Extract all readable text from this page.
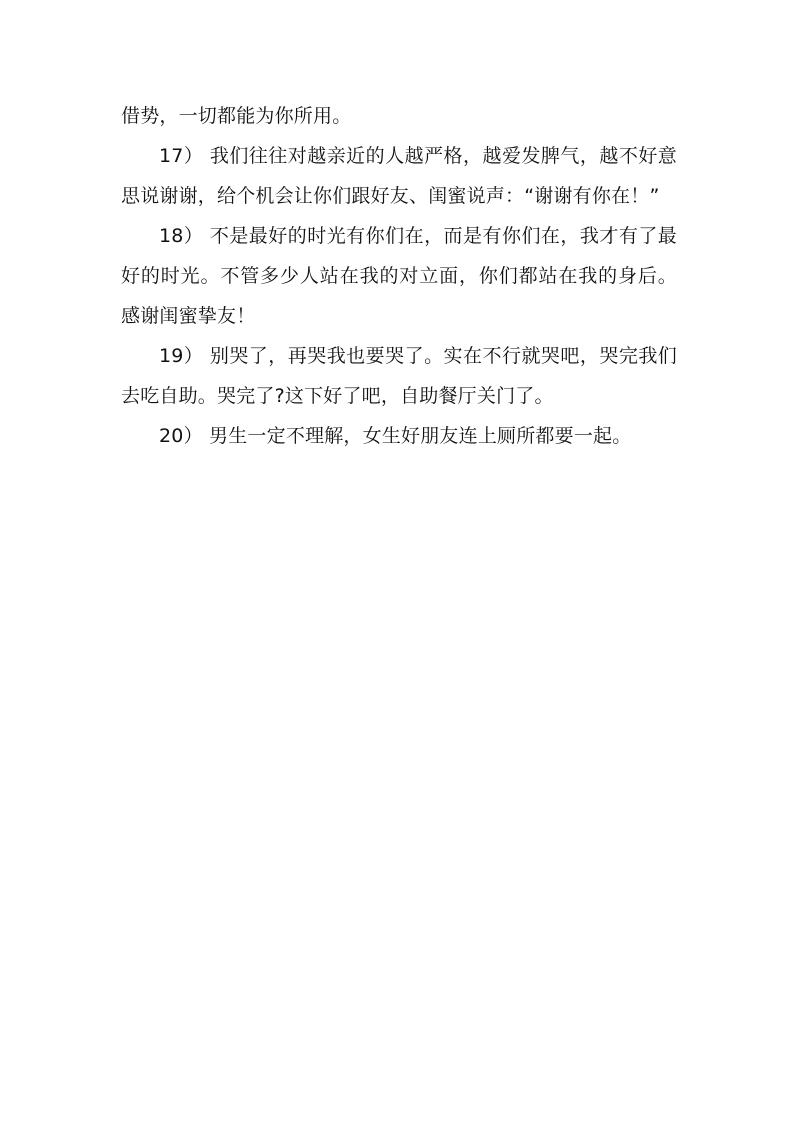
借势，一切都能为你所用。

17） 我们往往对越亲近的人越严格，越爱发脾气，越不好意思说谢谢，给个机会让你们跟好友、闺蜜说声：“谢谢有你在！”

18） 不是最好的时光有你们在，而是有你们在，我才有了最好的时光。不管多少人站在我的对立面，你们都站在我的身后。感谢闺蜜挚友！

19） 别哭了，再哭我也要哭了。实在不行就哭吧，哭完我们去吃自助。哭完了?这下好了吧，自助餐厅关门了。

20） 男生一定不理解，女生好朋友连上厕所都要一起。
